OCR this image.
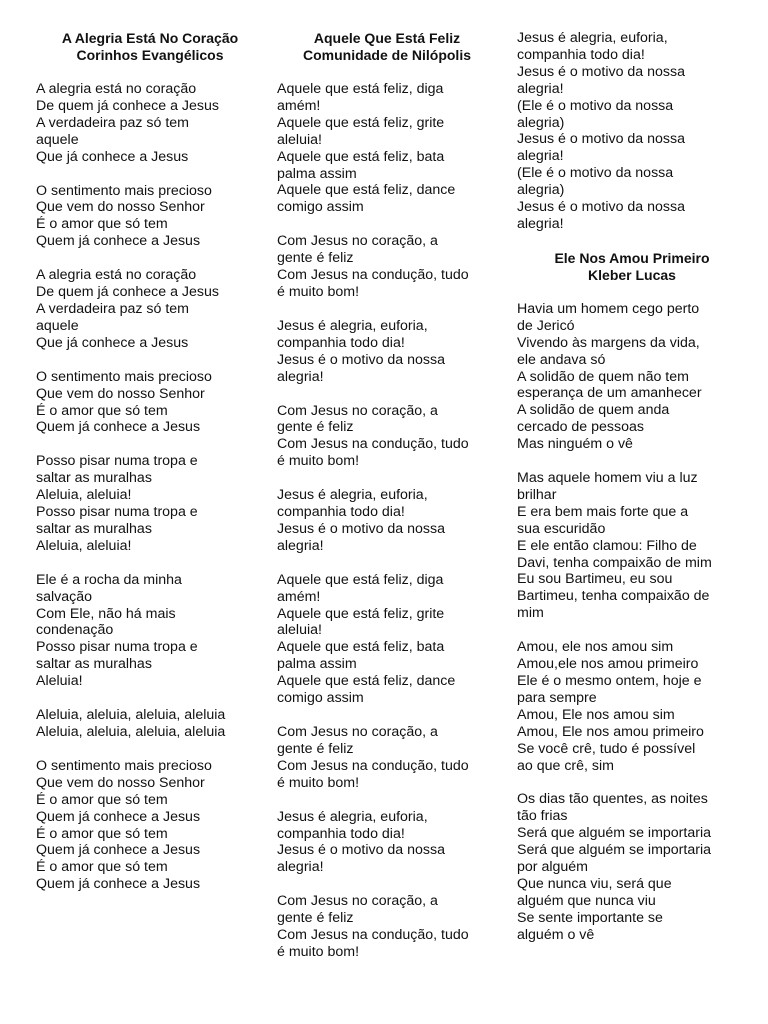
A Alegria Está No Coração
Corinhos Evangélicos
A alegria está no coração
De quem já conhece a Jesus
A verdadeira paz só tem
aquele
Que já conhece a Jesus
O sentimento mais precioso
Que vem do nosso Senhor
É o amor que só tem
Quem já conhece a Jesus
A alegria está no coração
De quem já conhece a Jesus
A verdadeira paz só tem
aquele
Que já conhece a Jesus
O sentimento mais precioso
Que vem do nosso Senhor
É o amor que só tem
Quem já conhece a Jesus
Posso pisar numa tropa e
saltar as muralhas
Aleluia, aleluia!
Posso pisar numa tropa e
saltar as muralhas
Aleluia, aleluia!
Ele é a rocha da minha
salvação
Com Ele, não há mais
condenação
Posso pisar numa tropa e
saltar as muralhas
Aleluia!
Aleluia, aleluia, aleluia, aleluia
Aleluia, aleluia, aleluia, aleluia
O sentimento mais precioso
Que vem do nosso Senhor
É o amor que só tem
Quem já conhece a Jesus
É o amor que só tem
Quem já conhece a Jesus
É o amor que só tem
Quem já conhece a Jesus
Aquele Que Está Feliz
Comunidade de Nilópolis
Aquele que está feliz, diga
amém!
Aquele que está feliz, grite
aleluia!
Aquele que está feliz, bata
palma assim
Aquele que está feliz, dance
comigo assim
Com Jesus no coração, a
gente é feliz
Com Jesus na condução, tudo
é muito bom!
Jesus é alegria, euforia,
companhia todo dia!
Jesus é o motivo da nossa
alegria!
Com Jesus no coração, a
gente é feliz
Com Jesus na condução, tudo
é muito bom!
Jesus é alegria, euforia,
companhia todo dia!
Jesus é o motivo da nossa
alegria!
Aquele que está feliz, diga
amém!
Aquele que está feliz, grite
aleluia!
Aquele que está feliz, bata
palma assim
Aquele que está feliz, dance
comigo assim
Com Jesus no coração, a
gente é feliz
Com Jesus na condução, tudo
é muito bom!
Jesus é alegria, euforia,
companhia todo dia!
Jesus é o motivo da nossa
alegria!
Com Jesus no coração, a
gente é feliz
Com Jesus na condução, tudo
é muito bom!
Jesus é alegria, euforia,
companhia todo dia!
Jesus é o motivo da nossa
alegria!
(Ele é o motivo da nossa
alegria)
Jesus é o motivo da nossa
alegria!
(Ele é o motivo da nossa
alegria)
Jesus é o motivo da nossa
alegria!
Ele Nos Amou Primeiro
Kleber Lucas
Havia um homem cego perto
de Jericó
Vivendo às margens da vida,
ele andava só
A solidão de quem não tem
esperança de um amanhecer
A solidão de quem anda
cercado de pessoas
Mas ninguém o vê
Mas aquele homem viu a luz
brilhar
E era bem mais forte que a
sua escuridão
E ele então clamou: Filho de
Davi, tenha compaixão de mim
Eu sou Bartimeu, eu sou
Bartimeu, tenha compaixão de
mim
Amou, ele nos amou sim
Amou,ele nos amou primeiro
Ele é o mesmo ontem, hoje e
para sempre
Amou, Ele nos amou sim
Amou, Ele nos amou primeiro
Se você crê, tudo é possível
ao que crê, sim
Os dias tão quentes, as noites
tão frias
Será que alguém se importaria
Será que alguém se importaria
por alguém
Que nunca viu, será que
alguém que nunca viu
Se sente importante se
alguém o vê
